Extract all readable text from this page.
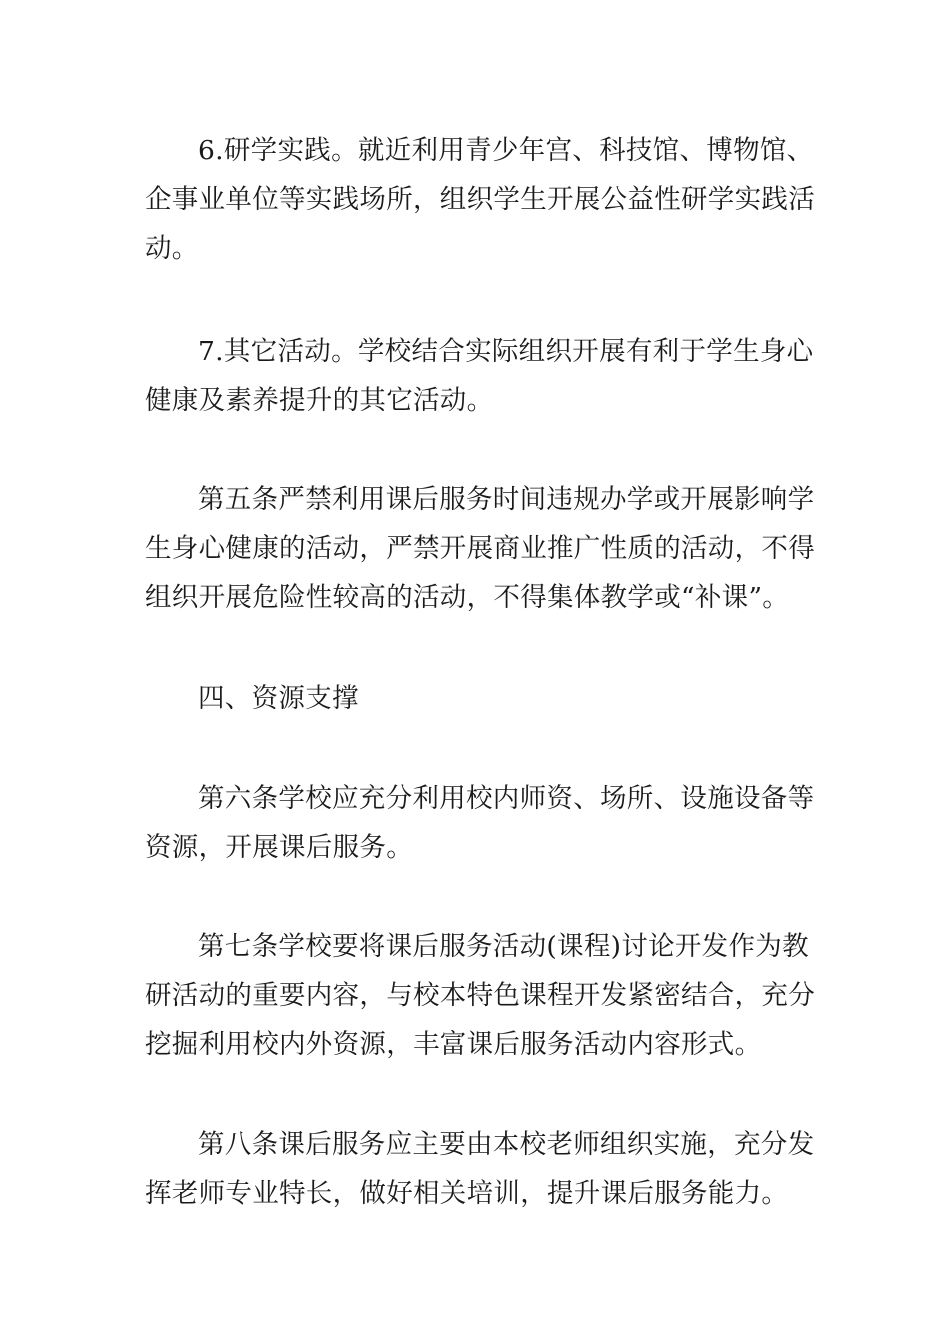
6.研学实践。就近利用青少年宫、科技馆、博物馆、
企事业单位等实践场所，组织学生开展公益性研学实践活
动。

7.其它活动。学校结合实际组织开展有利于学生身心
健康及素养提升的其它活动。

第五条严禁利用课后服务时间违规办学或开展影响学
生身心健康的活动，严禁开展商业推广性质的活动，不得
组织开展危险性较高的活动，不得集体教学或“补课”。

四、资源支撑

第六条学校应充分利用校内师资、场所、设施设备等
资源，开展课后服务。

第七条学校要将课后服务活动(课程)讨论开发作为教
研活动的重要内容，与校本特色课程开发紧密结合，充分
挖掘利用校内外资源，丰富课后服务活动内容形式。

第八条课后服务应主要由本校老师组织实施，充分发
挥老师专业特长，做好相关培训，提升课后服务能力。
